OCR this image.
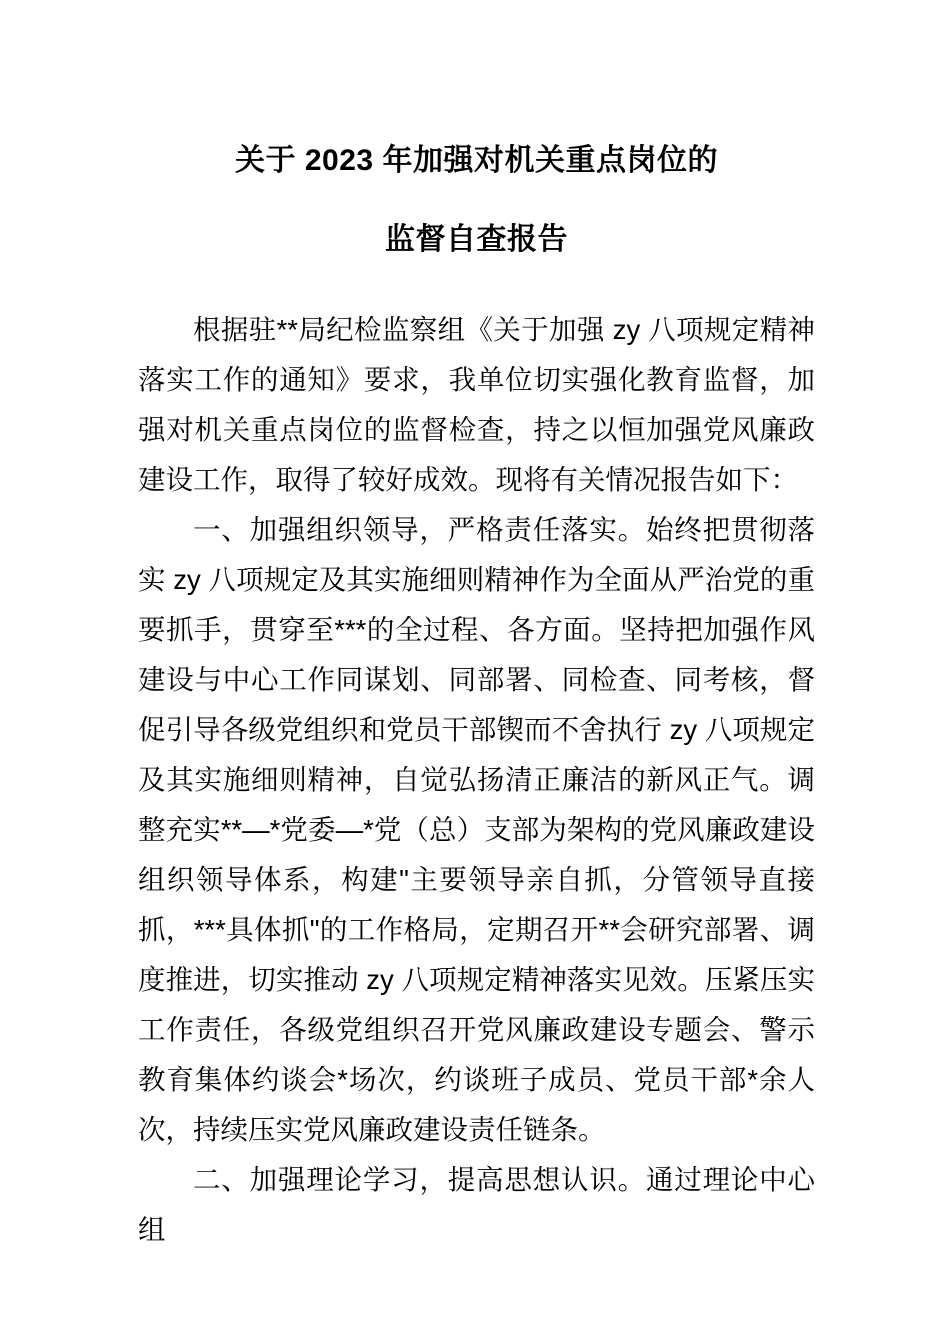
关于 2023 年加强对机关重点岗位的
监督自查报告

根据驻**局纪检监察组《关于加强 zy 八项规定精神落实工作的通知》要求，我单位切实强化教育监督，加强对机关重点岗位的监督检查，持之以恒加强党风廉政建设工作，取得了较好成效。现将有关情况报告如下：

一、加强组织领导，严格责任落实。始终把贯彻落实 zy 八项规定及其实施细则精神作为全面从严治党的重要抓手，贯穿至***的全过程、各方面。坚持把加强作风建设与中心工作同谋划、同部署、同检查、同考核，督促引导各级党组织和党员干部锲而不舍执行 zy 八项规定及其实施细则精神，自觉弘扬清正廉洁的新风正气。调整充实**—*党委—*党（总）支部为架构的党风廉政建设组织领导体系，构建"主要领导亲自抓，分管领导直接抓，***具体抓"的工作格局，定期召开**会研究部署、调度推进，切实推动 zy 八项规定精神落实见效。压紧压实工作责任，各级党组织召开党风廉政建设专题会、警示教育集体约谈会*场次，约谈班子成员、党员干部*余人次，持续压实党风廉政建设责任链条。

二、加强理论学习，提高思想认识。通过理论中心组
